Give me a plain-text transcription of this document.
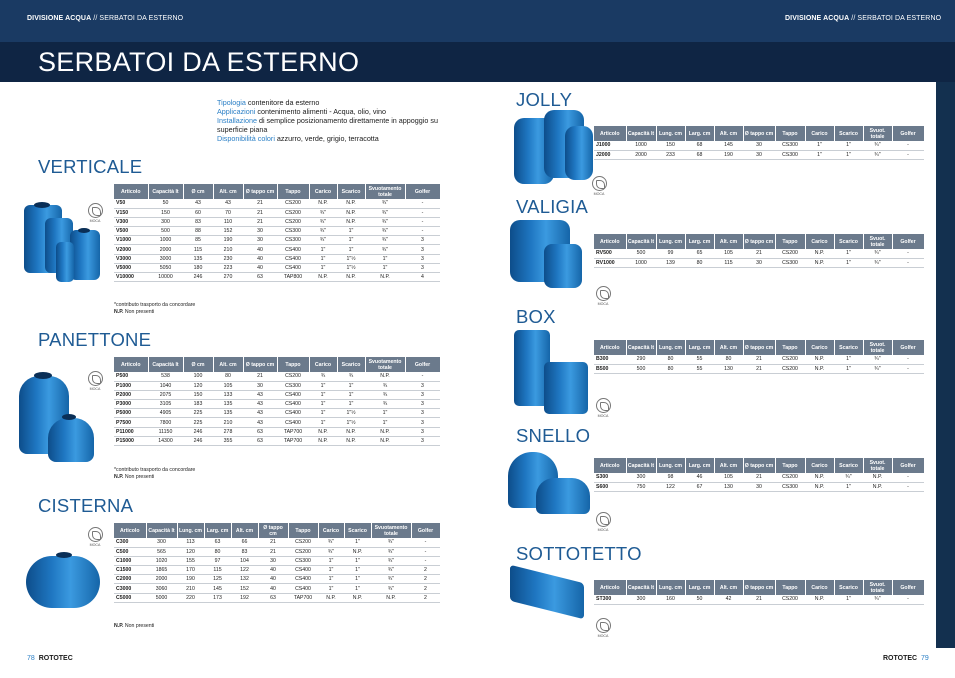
DIVISIONE ACQUA // SERBATOI DA ESTERNO	DIVISIONE ACQUA // SERBATOI DA ESTERNO
SERBATOI DA ESTERNO
Tipologia contenitore da esterno
Applicazioni contenimento alimenti - Acqua, olio, vino
Installazione di semplice posizionamento direttamente in appoggio su superficie piana
Disponibilità colori azzurro, verde, grigio, terracotta
VERTICALE
MOCA
Articolo	Capacità lt	Ø cm	Alt. cm	Ø tappo cm	Tappo	Carico	Scarico	Svuotamento totale	Golfer
V50	50	43	43	21	CS200	N.P.	N.P.	¾"	-
V150	150	60	70	21	CS200	¾"	N.P.	¾"	-
V300	300	83	110	21	CS200	¾"	N.P.	¾"	-
V500	500	88	152	30	CS300	¾"	1"	¾"	-
V1000	1000	85	190	30	CS300	¾"	1"	¾"	3
V2000	2000	115	210	40	CS400	1"	1"	¾"	3
V3000	3000	135	230	40	CS400	1"	1"½	1"	3
V5000	5050	180	223	40	CS400	1"	1"½	1"	3
V10000	10000	246	270	63	TAP800	N.P.	N.P.	N.P.	4
*contributo trasporto da concordare
N.P. Non presenti
PANETTONE
MOCA
Articolo	Capacità lt	Ø cm	Alt. cm	Ø tappo cm	Tappo	Carico	Scarico	Svuotamento totale	Golfer
P500	538	100	80	21	CS200	¾	¾	N.P.	-
P1000	1040	120	105	30	CS300	1"	1"	¾	3
P2000	2075	150	133	43	CS400	1"	1"	¾	3
P3000	3105	183	135	43	CS400	1"	1"	¾	3
P5000	4905	225	135	43	CS400	1"	1"½	1"	3
P7500	7800	225	210	43	CS400	1"	1"½	1"	3
P11000	11150	246	278	63	TAP700	N.P.	N.P.	N.P.	3
P15000	14300	246	355	63	TAP700	N.P.	N.P.	N.P.	3
*contributo trasporto da concordare
N.P. Non presenti
CISTERNA
MOCA
Articolo	Capacità lt	Lung. cm	Larg. cm	Alt. cm	Ø tappo cm	Tappo	Carico	Scarico	Svuotamento totale	Golfer
C300	300	113	63	66	21	CS200	¾"	1"	¾"	-
C500	565	120	80	83	21	CS200	¾"	N.P.	¾"	-
C1000	1020	155	97	104	30	CS300	1"	1"	¾"	-
C1500	1865	170	115	122	40	CS400	1"	1"	¾"	2
C2000	2000	190	125	132	40	CS400	1"	1"	¾"	2
C3000	3060	210	145	152	40	CS400	1"	1"	¾"	2
C5000	5000	220	173	192	63	TAP700	N.P.	N.P.	N.P.	2
N.P. Non presenti
78 ROTOTEC
JOLLY
MOCA
Articolo	Capacità lt	Lung. cm	Larg. cm	Alt. cm	Ø tappo cm	Tappo	Carico	Scarico	Svuot. totale	Golfer
J1000	1000	150	68	145	30	CS300	1"	1"	¾"	-
J2000	2000	233	68	190	30	CS300	1"	1"	¾"	-
VALIGIA
MOCA
Articolo	Capacità lt	Lung. cm	Larg. cm	Alt. cm	Ø tappo cm	Tappo	Carico	Scarico	Svuot. totale	Golfer
RV500	500	99	65	105	21	CS200	N.P.	1"	¾"	-
RV1000	1000	139	80	115	30	CS300	N.P.	1"	¾"	-
BOX
MOCA
Articolo	Capacità lt	Lung. cm	Larg. cm	Alt. cm	Ø tappo cm	Tappo	Carico	Scarico	Svuot. totale	Golfer
B300	290	80	55	80	21	CS200	N.P.	1"	¾"	-
B500	500	80	55	130	21	CS200	N.P.	1"	¾"	-
SNELLO
MOCA
Articolo	Capacità lt	Lung. cm	Larg. cm	Alt. cm	Ø tappo cm	Tappo	Carico	Scarico	Svuot. totale	Golfer
S300	300	98	46	105	21	CS200	N.P.	¾"	N.P.	-
S600	750	122	67	130	30	CS300	N.P.	1"	N.P.	-
SOTTOTETTO
MOCA
Articolo	Capacità lt	Lung. cm	Larg. cm	Alt. cm	Ø tappo cm	Tappo	Carico	Scarico	Svuot. totale	Golfer
ST300	300	160	50	42	21	CS200	N.P.	1"	¾"	-
ROTOTEC 79
